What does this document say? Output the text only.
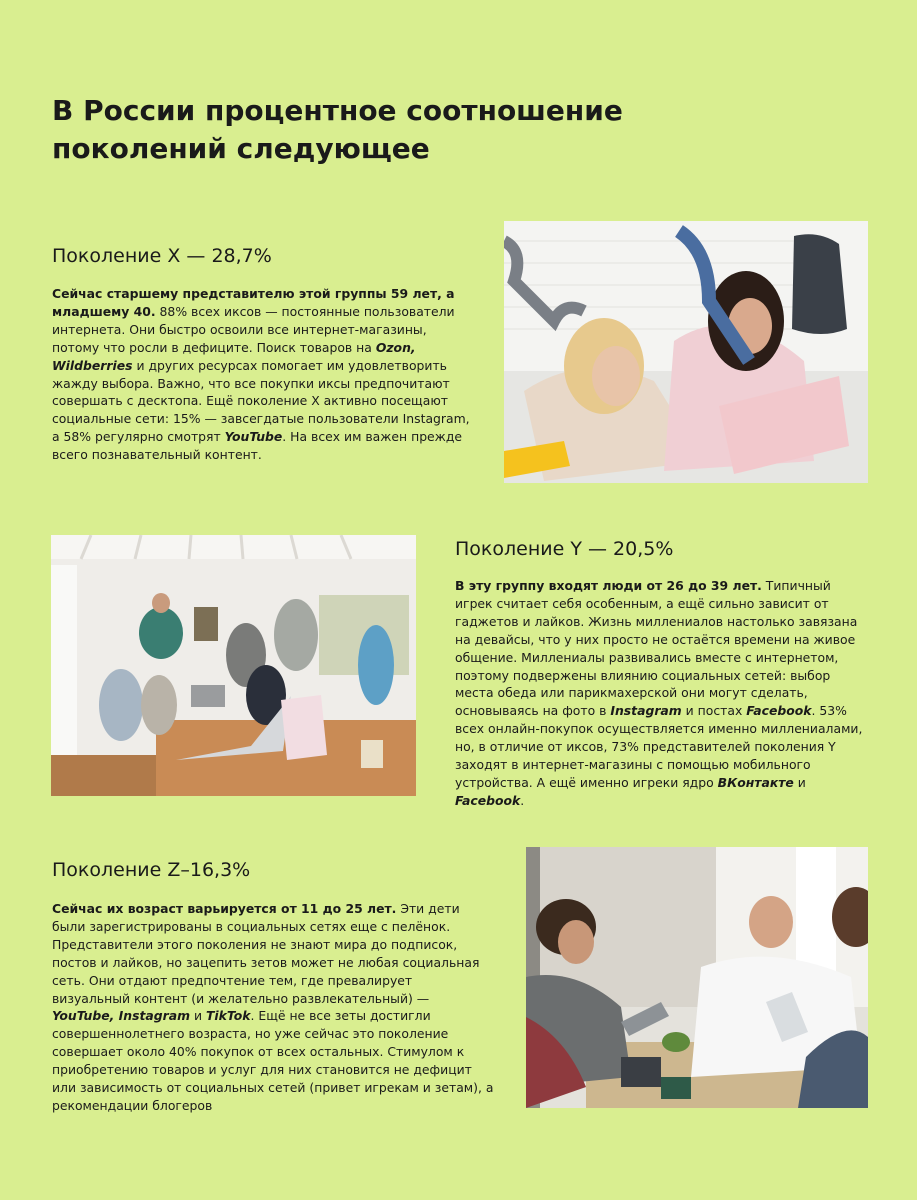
В России процентное соотношение поколений следующее
Поколение X — 28,7%

Сейчас старшему представителю этой группы 59 лет, а младшему 40. 88% всех иксов — постоянные пользователи интернета. Они быстро освоили все интернет-магазины, потому что росли в дефиците. Поиск товаров на Ozon, Wildberries и других ресурсах помогает им удовлетворить жажду выбора. Важно, что все покупки иксы предпочитают совершать с десктопа. Ещё поколение X активно посещают социальные сети: 15% — завсегдатые пользователи Instagram, а 58% регулярно смотрят YouTube. На всех им важен прежде всего познавательный контент.

Поколение Y — 20,5%

В эту группу входят люди от 26 до 39 лет. Типичный игрек считает себя особенным, а ещё сильно зависит от гаджетов и лайков. Жизнь миллениалов настолько завязана на девайсы, что у них просто не остаётся времени на живое общение. Миллениалы развивались вместе с интернетом, поэтому подвержены влиянию социальных сетей: выбор места обеда или парикмахерской они могут сделать, основываясь на фото в Instagram и постах Facebook. 53% всех онлайн-покупок осуществляется именно миллениалами, но, в отличие от иксов, 73% представителей поколения Y заходят в интернет-магазины с помощью мобильного устройства. А ещё именно игреки ядро ВКонтакте и Facebook.

Поколение Z–16,3%

Сейчас их возраст варьируется от 11 до 25 лет. Эти дети были зарегистрированы в социальных сетях еще с пелёнок. Представители этого поколения не знают мира до подписок, постов и лайков, но зацепить зетов может не любая социальная сеть. Они отдают предпочтение тем, где превалирует визуальный контент (и желательно развлекательный) — YouTube, Instagram и TikTok. Ещё не все зеты достигли совершеннолетнего возраста, но уже сейчас это поколение совершает около 40% покупок от всех остальных. Стимулом к приобретению товаров и услуг для них становится не дефицит или зависимость от социальных сетей (привет игрекам и зетам), а рекомендации блогеров
